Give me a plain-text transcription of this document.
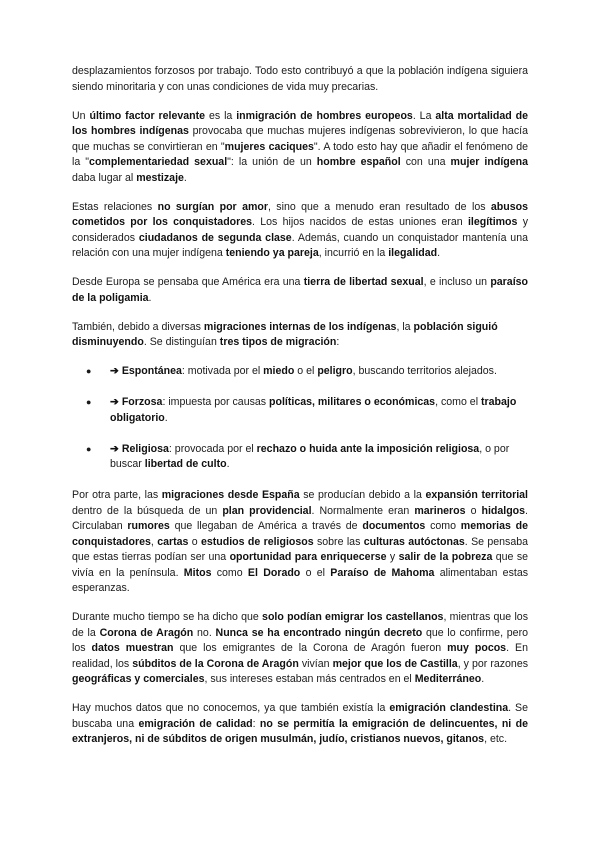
desplazamientos forzosos por trabajo. Todo esto contribuyó a que la población indígena siguiera siendo minoritaria y con unas condiciones de vida muy precarias.

Un último factor relevante es la inmigración de hombres europeos. La alta mortalidad de los hombres indígenas provocaba que muchas mujeres indígenas sobrevivieron, lo que hacía que muchas se convirtieran en "mujeres caciques". A todo esto hay que añadir el fenómeno de la "complementariedad sexual": la unión de un hombre español con una mujer indígena daba lugar al mestizaje.

Estas relaciones no surgían por amor, sino que a menudo eran resultado de los abusos cometidos por los conquistadores. Los hijos nacidos de estas uniones eran ilegítimos y considerados ciudadanos de segunda clase. Además, cuando un conquistador mantenía una relación con una mujer indígena teniendo ya pareja, incurrió en la ilegalidad.

Desde Europa se pensaba que América era una tierra de libertad sexual, e incluso un paraíso de la poligamia.

También, debido a diversas migraciones internas de los indígenas, la población siguió disminuyendo. Se distinguían tres tipos de migración:

● ➔ Espontánea: motivada por el miedo o el peligro, buscando territorios alejados.
● ➔ Forzosa: impuesta por causas políticas, militares o económicas, como el trabajo obligatorio.
● ➔ Religiosa: provocada por el rechazo o huida ante la imposición religiosa, o por buscar libertad de culto.

Por otra parte, las migraciones desde España se producían debido a la expansión territorial dentro de la búsqueda de un plan providencial. Normalmente eran marineros o hidalgos. Circulaban rumores que llegaban de América a través de documentos como memorias de conquistadores, cartas o estudios de religiosos sobre las culturas autóctonas. Se pensaba que estas tierras podían ser una oportunidad para enriquecerse y salir de la pobreza que se vivía en la península. Mitos como El Dorado o el Paraíso de Mahoma alimentaban estas esperanzas.

Durante mucho tiempo se ha dicho que solo podían emigrar los castellanos, mientras que los de la Corona de Aragón no. Nunca se ha encontrado ningún decreto que lo confirme, pero los datos muestran que los emigrantes de la Corona de Aragón fueron muy pocos. En realidad, los súbditos de la Corona de Aragón vivían mejor que los de Castilla, y por razones geográficas y comerciales, sus intereses estaban más centrados en el Mediterráneo.

Hay muchos datos que no conocemos, ya que también existía la emigración clandestina. Se buscaba una emigración de calidad: no se permitía la emigración de delincuentes, ni de extranjeros, ni de súbditos de origen musulmán, judío, cristianos nuevos, gitanos, etc.
